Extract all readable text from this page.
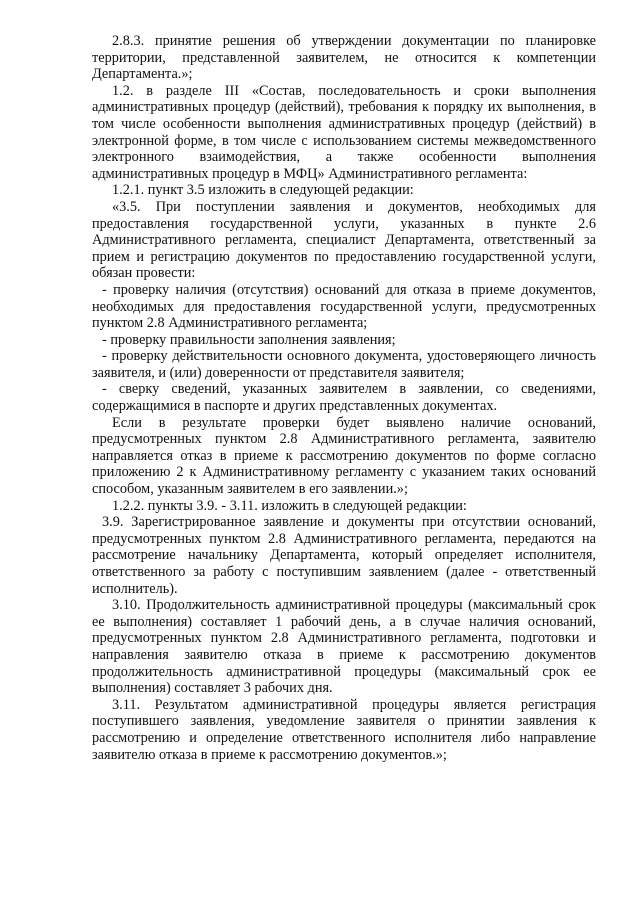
2.8.3. принятие решения об утверждении документации по планировке территории, представленной заявителем, не относится к компетенции Департамента.»;

1.2. в разделе III «Состав, последовательность и сроки выполнения административных процедур (действий), требования к порядку их выполнения, в том числе особенности выполнения административных процедур (действий) в электронной форме, в том числе с использованием системы межведомственного электронного взаимодействия, а также особенности выполнения административных процедур в МФЦ» Административного регламента:

1.2.1. пункт 3.5 изложить в следующей редакции:

«3.5. При поступлении заявления и документов, необходимых для предоставления государственной услуги, указанных в пункте 2.6 Административного регламента, специалист Департамента, ответственный за прием и регистрацию документов по предоставлению государственной услуги, обязан провести:

- проверку наличия (отсутствия) оснований для отказа в приеме документов, необходимых для предоставления государственной услуги, предусмотренных пунктом 2.8 Административного регламента;

- проверку правильности заполнения заявления;

- проверку действительности основного документа, удостоверяющего личность заявителя, и (или) доверенности от представителя заявителя;

- сверку сведений, указанных заявителем в заявлении, со сведениями, содержащимися в паспорте и других представленных документах.

Если в результате проверки будет выявлено наличие оснований, предусмотренных пунктом 2.8 Административного регламента, заявителю направляется отказ в приеме к рассмотрению документов по форме согласно приложению 2 к Административному регламенту с указанием таких оснований способом, указанным заявителем в его заявлении.»;

1.2.2. пункты 3.9. - 3.11. изложить в следующей редакции:

3.9. Зарегистрированное заявление и документы при отсутствии оснований, предусмотренных пунктом 2.8 Административного регламента, передаются на рассмотрение начальнику Департамента, который определяет исполнителя, ответственного за работу с поступившим заявлением (далее - ответственный исполнитель).

3.10. Продолжительность административной процедуры (максимальный срок ее выполнения) составляет 1 рабочий день, а в случае наличия оснований, предусмотренных пунктом 2.8 Административного регламента, подготовки и направления заявителю отказа в приеме к рассмотрению документов продолжительность административной процедуры (максимальный срок ее выполнения) составляет 3 рабочих дня.

3.11. Результатом административной процедуры является регистрация поступившего заявления, уведомление заявителя о принятии заявления к рассмотрению и определение ответственного исполнителя либо направление заявителю отказа в приеме к рассмотрению документов.»;
